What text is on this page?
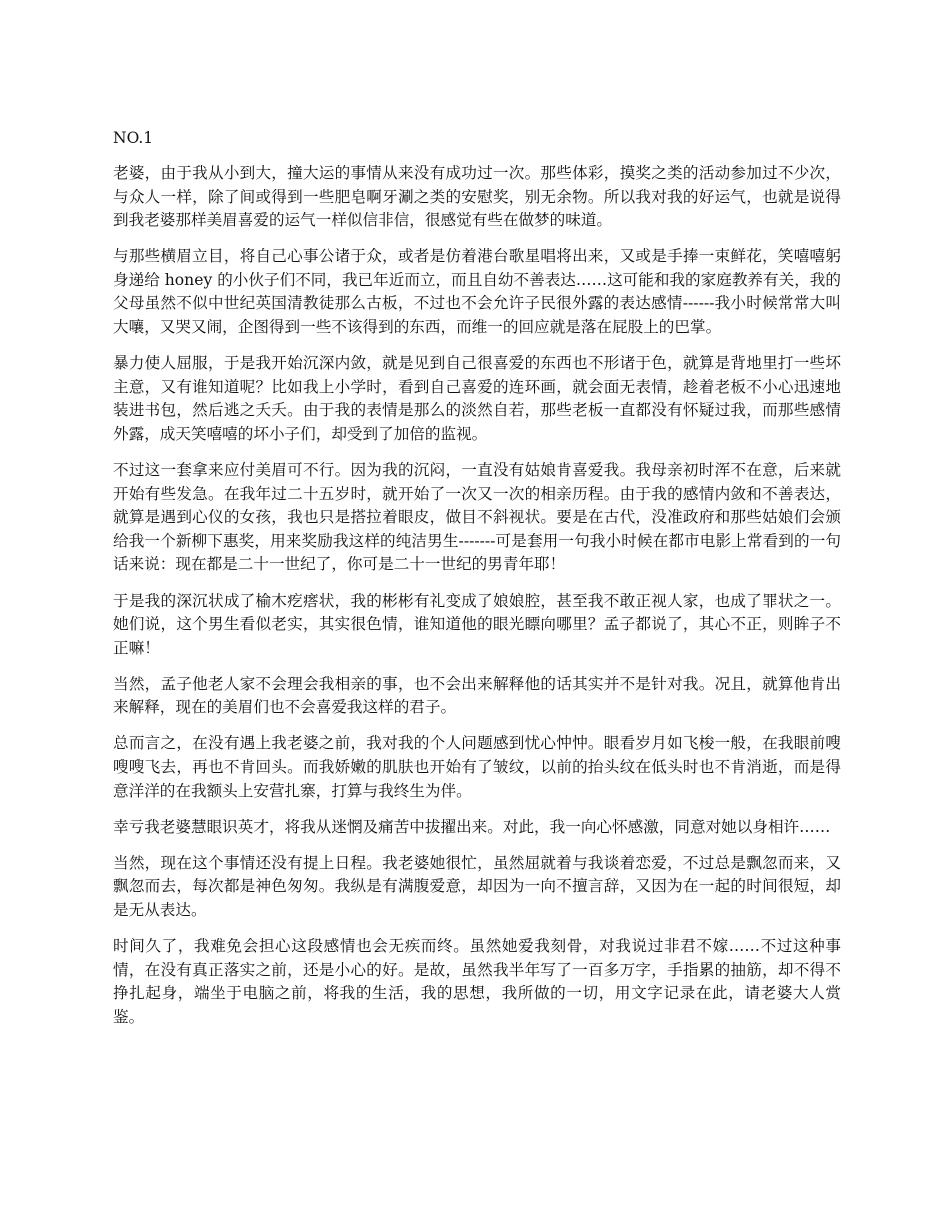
NO.1

老婆，由于我从小到大，撞大运的事情从来没有成功过一次。那些体彩，摸奖之类的活动参加过不少次，与众人一样，除了间或得到一些肥皂啊牙涮之类的安慰奖，别无余物。所以我对我的好运气，也就是说得到我老婆那样美眉喜爱的运气一样似信非信，很感觉有些在做梦的味道。

与那些横眉立目，将自己心事公诸于众，或者是仿着港台歌星唱将出来，又或是手捧一束鲜花，笑嘻嘻躬身递给 honey 的小伙子们不同，我已年近而立，而且自幼不善表达……这可能和我的家庭教养有关，我的父母虽然不似中世纪英国清教徒那么古板，不过也不会允许子民很外露的表达感情------我小时候常常大叫大嚷，又哭又闹，企图得到一些不该得到的东西，而维一的回应就是落在屁股上的巴掌。

暴力使人屈服，于是我开始沉深内敛，就是见到自己很喜爱的东西也不形诸于色，就算是背地里打一些坏主意，又有谁知道呢？比如我上小学时，看到自己喜爱的连环画，就会面无表情，趁着老板不小心迅速地装进书包，然后逃之夭夭。由于我的表情是那么的淡然自若，那些老板一直都没有怀疑过我，而那些感情外露，成天笑嘻嘻的坏小子们，却受到了加倍的监视。

不过这一套拿来应付美眉可不行。因为我的沉闷，一直没有姑娘肯喜爱我。我母亲初时浑不在意，后来就开始有些发急。在我年过二十五岁时，就开始了一次又一次的相亲历程。由于我的感情内敛和不善表达，就算是遇到心仪的女孩，我也只是搭拉着眼皮，做目不斜视状。要是在古代，没准政府和那些姑娘们会颁给我一个新柳下惠奖，用来奖励我这样的纯洁男生-------可是套用一句我小时候在都市电影上常看到的一句话来说：现在都是二十一世纪了，你可是二十一世纪的男青年耶！

于是我的深沉状成了榆木疙瘩状，我的彬彬有礼变成了娘娘腔，甚至我不敢正视人家，也成了罪状之一。她们说，这个男生看似老实，其实很色情，谁知道他的眼光瞟向哪里？孟子都说了，其心不正，则眸子不正嘛！

当然，孟子他老人家不会理会我相亲的事，也不会出来解释他的话其实并不是针对我。况且，就算他肯出来解释，现在的美眉们也不会喜爱我这样的君子。

总而言之，在没有遇上我老婆之前，我对我的个人问题感到忧心忡忡。眼看岁月如飞梭一般，在我眼前嗖嗖嗖飞去，再也不肯回头。而我娇嫩的肌肤也开始有了皱纹，以前的抬头纹在低头时也不肯消逝，而是得意洋洋的在我额头上安营扎寨，打算与我终生为伴。

幸亏我老婆慧眼识英才，将我从迷惘及痛苦中拔擢出来。对此，我一向心怀感激，同意对她以身相许……

当然，现在这个事情还没有提上日程。我老婆她很忙，虽然屈就着与我谈着恋爱，不过总是飘忽而来，又飘忽而去，每次都是神色匆匆。我纵是有满腹爱意，却因为一向不擅言辞，又因为在一起的时间很短，却是无从表达。

时间久了，我难免会担心这段感情也会无疾而终。虽然她爱我刻骨，对我说过非君不嫁……不过这种事情，在没有真正落实之前，还是小心的好。是故，虽然我半年写了一百多万字，手指累的抽筋，却不得不挣扎起身，端坐于电脑之前，将我的生活，我的思想，我所做的一切，用文字记录在此，请老婆大人赏鉴。
